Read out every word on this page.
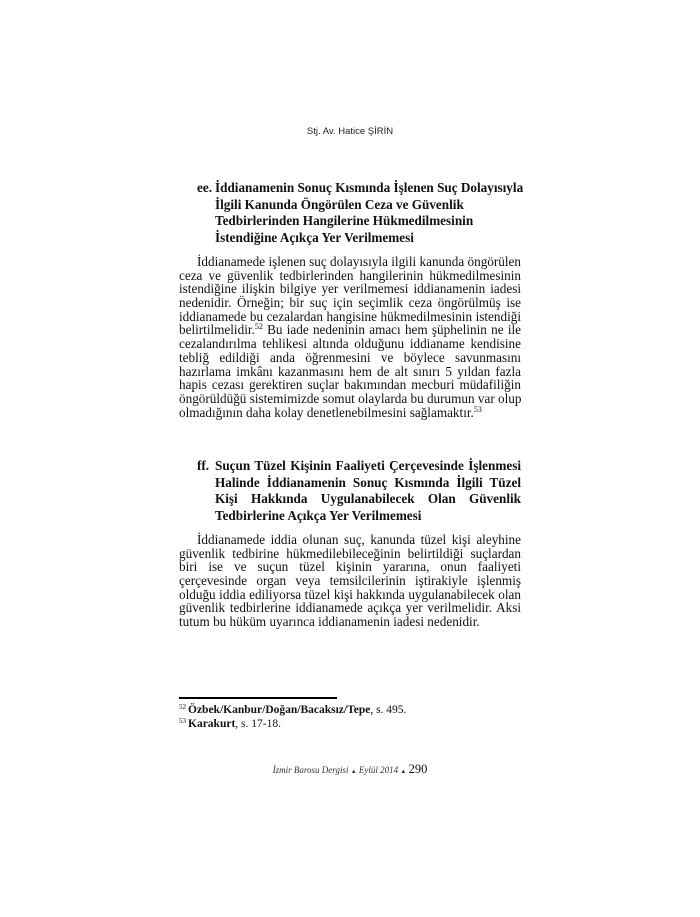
Stj. Av. Hatice ŞİRİN
ee. İddianamenin Sonuç Kısmında İşlenen Suç Dolayısıyla
İlgili Kanunda Öngörülen Ceza ve Güvenlik
Tedbirlerinden Hangilerine Hükmedilmesinin
İstendiğine Açıkça Yer Verilmemesi
İddianamede işlenen suç dolayısıyla ilgili kanunda öngörülen
ceza ve güvenlik tedbirlerinden hangilerinin hükmedilmesinin
istendiğine ilişkin bilgiye yer verilmemesi iddianamenin iadesi
nedenidir. Örneğin; bir suç için seçimlik ceza öngörülmüş ise
iddianamede bu cezalardan hangisine hükmedilmesinin istendiği
belirtilmelidir.$^{52}$ Bu iade nedeninin amacı hem şüphelinin ne ile
cezalandırılma tehlikesi altında olduğunu iddianame kendisine
tebliğ edildiği anda öğrenmesini ve böylece savunmasını
hazırlama imkânı kazanmasını hem de alt sınırı 5 yıldan fazla
hapis cezası gerektiren suçlar bakımından mecburi müdafiliğin
öngörüldüğü sistemimizde somut olaylarda bu durumun var olup
olmadığının daha kolay denetlenebilmesini sağlamaktır.$^{53}$
ff. Suçun Tüzel Kişinin Faaliyeti Çerçevesinde İşlenmesi
Halinde İddianamenin Sonuç Kısmında İlgili Tüzel
Kişi Hakkında Uygulanabilecek Olan Güvenlik
Tedbirlerine Açıkça Yer Verilmemesi
İddianamede iddia olunan suç, kanunda tüzel kişi aleyhine
güvenlik tedbirine hükmedilebileceğinin belirtildiği suçlardan
biri ise ve suçun tüzel kişinin yararına, onun faaliyeti
çerçevesinde organ veya temsilcilerinin iştirakiyle işlenmiş
olduğu iddia ediliyorsa tüzel kişi hakkında uygulanabilecek olan
güvenlik tedbirlerine iddianamede açıkça yer verilmelidir. Aksi
tutum bu hüküm uyarınca iddianamenin iadesi nedenidir.
$^{52}$ Özbek/Kanbur/Doğan/Bacaksız/Tepe, s. 495.
$^{53}$ Karakurt, s. 17-18.
İzmir Barosu Dergisi ▲ Eylül 2014 ▲ 290
